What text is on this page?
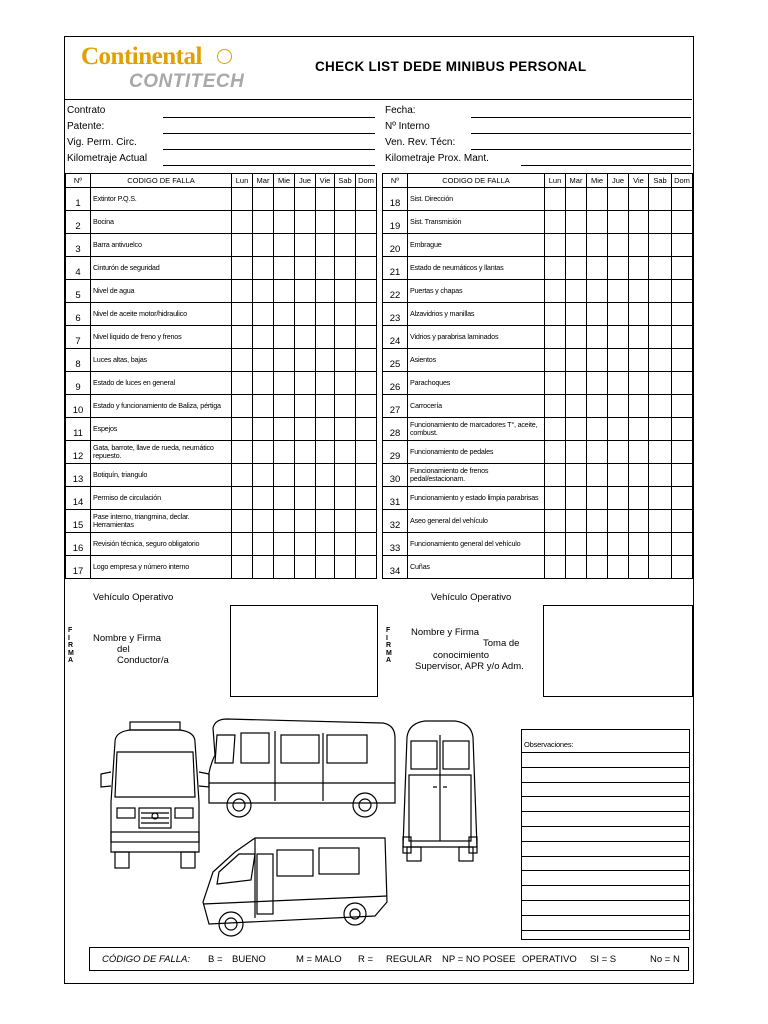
Continental
CONTITECH
CHECK LIST DEDE MINIBUS PERSONAL
Contrato
Patente:
Vig. Perm. Circ.
Kilometraje Actual
Fecha:
Nº Interno
Ven. Rev. Técn:
Kilometraje Prox. Mant.
Nº	CODIGO DE FALLA	Lun	Mar	Mie	Jue	Vie	Sab	Dom
1	Extintor P.Q.S.							
2	Bocina							
3	Barra antivuelco							
4	Cinturón de seguridad							
5	Nivel de agua							
6	Nivel de aceite motor/hidraulico							
7	Nivel liquido de freno y frenos							
8	Luces altas, bajas							
9	Estado de luces en general							
10	Estado y funcionamiento de Baliza, pértiga							
11	Espejos							
12	Gata, barrote, llave de rueda, neumático repuesto.							
13	Botiquín, triangulo							
14	Permiso de circulación							
15	Pase interno, triangmina, declar. Herramientas							
16	Revisión técnica, seguro obligatorio							
17	Logo empresa y número interno							
Nº	CODIGO DE FALLA	Lun	Mar	Mie	Jue	Vie	Sab	Dom
18	Sist. Dirección							
19	Sist. Transmisión							
20	Embrague							
21	Estado de neumáticos y llantas							
22	Puertas y chapas							
23	Alzavidrios y manillas							
24	Vidrios y parabrisa laminados							
25	Asientos							
26	Parachoques							
27	Carrocería							
28	Funcionamiento de marcadores T°, aceite, combust.							
29	Funcionamiento de pedales							
30	Funcionamiento de frenos pedal/estacionam.							
31	Funcionamiento y estado limpia parabrisas							
32	Aseo general del vehículo							
33	Funcionamiento general del vehículo							
34	Cuñas							
Vehículo Operativo
F
I
R
M
A
Nombre y Firma
del
Conductor/a
Vehículo Operativo
F
I
R
M
A
Nombre y Firma
Toma de
conocimiento
Supervisor, APR y/o Adm.
Observaciones:
CÓDIGO DE FALLA: B = BUENO	M = MALO R = REGULAR NP = NO POSEE OPERATIVO SI = S	No = N
